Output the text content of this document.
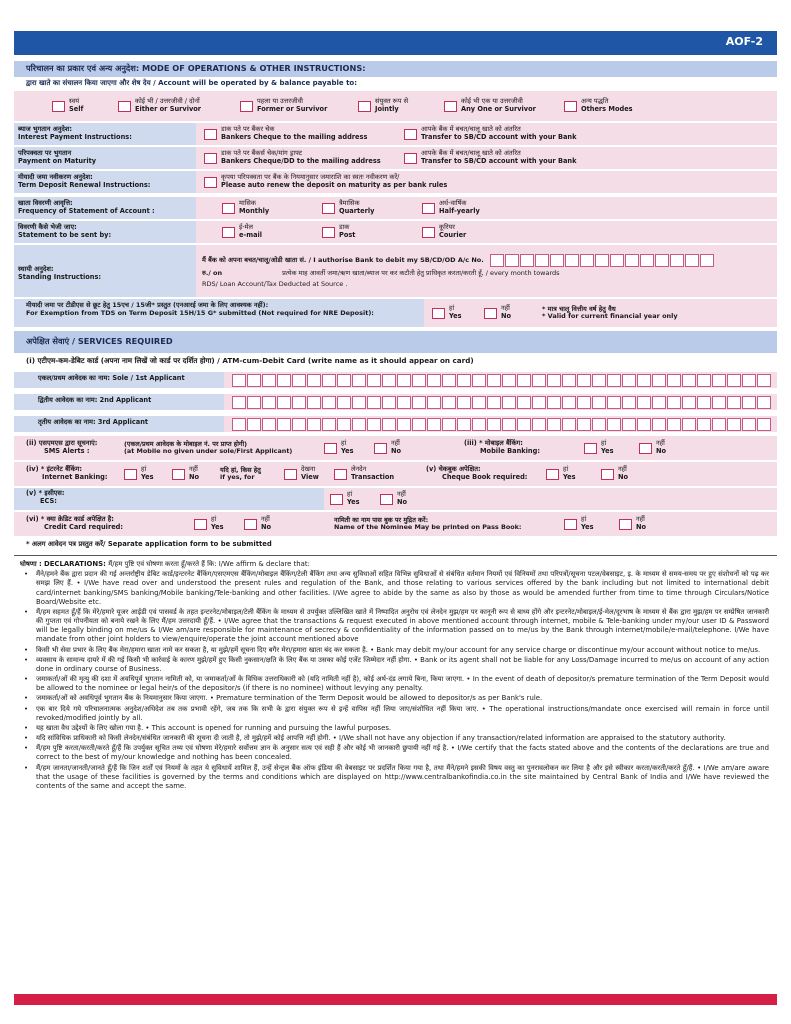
AOF-2
परिचालन का प्रकार एवं अन्य अनुदेश: MODE OF OPERATIONS & OTHER INSTRUCTIONS:
द्वारा खाते का संचालन किया जाएगा और शेष देय / Account will be operated by & balance payable to:
स्वयं
Self
कोई भी / उत्तरजीवी / दोनों
Either or Survivor
पहला या उत्तरजीवी
Former or Survivor
संयुक्त रूप से
Jointly
कोई भी एक या उत्तरजीवी
Any One or Survivor
अन्य पद्धति
Others Modes
ब्याज भुगतान अनुदेश:
Interest Payment Instructions:
डाक पते पर बैंकर चेक
Bankers Cheque to the mailing address
आपके बैंक में बचत/चालू खाते को अंतरित
Transfer to SB/CD account with your Bank
परिपक्वता पर भुगतान
Payment on Maturity
डाक पते पर बैंकर्स चेक/मांग ड्राफ्ट
Bankers Cheque/DD to the mailing address
आपके बैंक में बचत/चालू खाते को अंतरित
Transfer to SB/CD account with your Bank
मीयादी जमा नवीकरण अनुदेश:
Term Deposit Renewal Instructions:
कृपया परिपक्वता पर बैंक के नियमानुसार जमाराशि का स्वतः नवीकरण करें/
Please auto renew the deposit on maturity as per bank rules
खाता विवरणी आवृत्ति:
Frequency of Statement of Account :
मासिक
Monthly
त्रैमासिक
Quarterly
अर्ध-वार्षिक
Half-yearly
विवरणी कैसे भेजी जाए:
Statement to be sent by:
ई-मेल
e-mail
डाक
Post
कूरियर
Courier
स्थायी अनुदेश:
Standing Instructions:
मैं बैंक को अपना बचत/चालू/ओडी खाता सं. / I authorise Bank to debit my SB/CD/OD A/c No.
रु./ on	प्रत्येक माह आवर्ती जमा/ऋण खाता/ब्याज पर कर कटौती हेतु प्राधिकृत करता/करती हूँ, / every month towards
RDS/ Loan Account/Tax Deducted at Source .
मीयादी जमा पर टीडीएस से छूट हेतु 15एच / 15जी* प्रस्तुत (एनआरई जमा के लिए आवश्यक नहीं):
For Exemption from TDS on Term Deposit 15H/15 G* submitted (Not required for NRE Deposit):
हां
Yes
नहीं
No
* मात्र चालू वित्तीय वर्ष हेतु वैध
* Valid for current financial year only
अपेक्षित सेवाएं / SERVICES REQUIRED
(i) एटीएम-कम-डेबिट कार्ड (अपना नाम लिखें जो कार्ड पर दर्शित होगा) / ATM-cum-Debit Card (write name as it should appear on card)
एकल/प्रथम आवेदक का नाम: Sole / 1st Applicant
द्वितीय आवेदक का नाम: 2nd Applicant
तृतीय आवेदक का नाम: 3rd Applicant
(ii) एसएमएस द्वारा सूचनाएं:
SMS Alerts :
(एकल/प्रथम आवेदक के मोबाइल नं. पर प्राप्त होगी)
(at Mobile no given under sole/First Applicant)
हां
Yes
नहीं
No
(iii) * मोबाइल बैंकिंग:
Mobile Banking:
हां
Yes
नहीं
No
(iv) * इंटरनेट बैंकिंग:
Internet Banking:
हां
Yes
नहीं
No
यदि हां, किस हेतु
if yes, for
देखना
View
लेनदेन
Transaction
(v) चेकबुक अपेक्षित:
Cheque Book required:
हां
Yes
नहीं
No
(v) * इसीएस:
ECS:
हां
Yes
नहीं
No
(vi) * क्या क्रेडिट कार्ड अपेक्षित है:
Credit Card required:
हां
Yes
नहीं
No
नामिती का नाम पास बुक पर मुद्रित करें:
Name of the Nominee May be printed on Pass Book:
हां
Yes
नहीं
No
* अलग आवेदन पत्र प्रस्तुत करें/ Separate application form to be submitted

घोषणा : DECLARATIONS: मैं/हम पुष्टि एवं घोषणा करता हूँ/करते हैं कि: I/We affirm & declare that:

• मैंने/हमने बैंक द्वारा प्रदान की गई अन्तर्राष्ट्रीय डेबिट कार्ड/इन्टरनेट बैंकिंग/एसएमएस बैंकिंग/मोबाइल बैंकिंग/टेली बैंकिंग तथा अन्य सुविधाओं सहित विभिन्न सुविधाओं से संबंधित वर्तमान नियमों एवं विनियमों तथा परिपत्रों/सूचना पटल/वेबसाइट, इ. के माध्यम से समय-समय पर हुए संशोधनों को पढ़ कर समझ लिए हैं. • I/We have read over and understood the present rules and regulation of the Bank, and those relating to various services offered by the bank including but not limited to international debit card/internet banking/SMS banking/Mobile banking/Tele-banking and other facilities. I/We agree to abide by the same as also by those as would be amended further from time to time through Circulars/Notice Board/Website etc.

• मैं/हम सहमत हूँ/हैं कि मेरे/हमारे यूजर आईडी एवं पासवर्ड के तहत इन्टरनेट/मोबाइल/टेली बैंकिंग के माध्यम से उपर्युक्त उल्लिखित खाते में निष्पादित अनुरोध एवं लेनदेन मुझ/हम पर कानूनी रूप से बाध्य होंगे और इन्टरनेट/मोबाइल/ई-मेल/दूरभाष के माध्यम से बैंक द्वारा मुझ/हम पर सम्प्रेषित जानकारी की गुप्तता एवं गोपनीयता को बनाये रखने के लिए मैं/हम उत्तरदायी हूँ/हैं. • I/We agree that the transactions & request executed in above mentioned account through internet, mobile & Tele-banking under my/our user ID & Password will be legally binding on me/us & I/We am/are responsible for maintenance of secrecy & confidentiality of the information passed on to me/us by the Bank through internet/mobile/e-mail/telephone. I/We have mandate from other joint holders to view/enquire/operate the joint account mentioned above

• किसी भी सेवा प्रभार के लिए बैंक मेरा/हमारा खाता नामे कर सकता है, या मुझे/हमें सूचना दिए बगैर मेरा/हमारा खाता बंद कर सकता है. • Bank may debit my/our account for any service charge or discontinue my/our account without notice to me/us.

• व्यवसाय के सामान्य दायरे में की गई किसी भी कार्रवाई के कारण मुझे/हमें हुए किसी नुकसान/क्षति के लिए बैंक या उसका कोई एजेंट जिम्मेदार नहीं होगा. • Bank or its agent shall not be liable for any Loss/Damage incurred to me/us on account of any action done in ordinary course of Business.

• जमाकर्ता/ओं की मृत्यु की दशा में अवधिपूर्व भुगतान नामिती को, या जमाकर्ता/ओं के विधिक उत्तराधिकारी को (यदि नामिती नहीं है), कोई अर्थ-दंड लगाये बिना, किया जाएगा. • In the event of death of depositor/s premature termination of the Term Deposit would be allowed to the nominee or legal heir/s of the depositor/s (if there is no nominee) without levying any penalty.

• जमाकर्ता/ओं को अवधिपूर्व भुगतान बैंक के नियमानुसार किया जाएगा. • Premature termination of the Term Deposit would be allowed to depositor/s as per Bank's rule.

• एक बार दिये गये परिचालनात्मक अनुदेश/अधिदेश तब तक प्रभावी रहेंगे, जब तक कि सभी के द्वारा संयुक्त रूप से इन्हें वापिस नहीं लिया जाए/संशोधित नहीं किया जाए. • The operational instructions/mandate once exercised will remain in force until revoked/modified jointly by all.

• यह खाता वैध उद्देश्यों के लिए खोला गया है. • This account is opened for running and pursuing the lawful purposes.

• यदि सांविधिक प्राधिकारी को किसी लेनदेन/संबंधित जानकारी की सूचना दी जाती है, तो मुझे/हमें कोई आपत्ति नहीं होगी. • I/We shall not have any objection if any transaction/related information are appraised to the statutory authority.

• मैं/हम पुष्टि करता/करती/करते हूँ/हैं कि उपर्युक्त सूचित तथ्य एवं घोषणा मेरे/हमारे सर्वोत्तम ज्ञान के अनुसार सत्य एवं सही हैं और कोई भी जानकारी छुपायी नहीं गई है. • I/We certify that the facts stated above and the contents of the declarations are true and correct to the best of my/our knowledge and nothing has been concealed.

• मैं/हम जानता/जानती/जानते हूँ/हैं कि जिन शर्तों एवं नियमों के तहत ये सुविधायें शामिल हैं, उन्हें सेन्ट्रल बैंक ऑफ इंडिया की वेबसाइट पर प्रदर्शित किया गया है, तथा मैंने/हमने इसकी विषय वस्तु का पुनरावलोकन कर लिया है और इसे स्वीकार करता/करती/करते हूँ/हैं. • I/We am/are aware that the usage of these facilities is governed by the terms and conditions which are displayed on http://www.centralbankofindia.co.in the site maintained by Central Bank of India and I/We have reviewed the contents of the same and accept the same.
